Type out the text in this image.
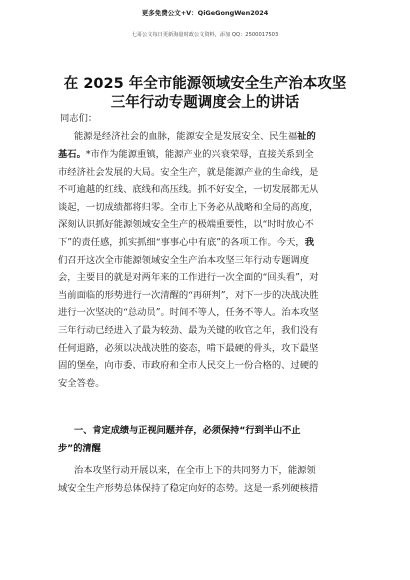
更多免费公文+V：QiGeGongWen2024
七哥公文每日更新海量时政公文资料，添加 QQ：2500017503
在 2025 年全市能源领域安全生产治本攻坚
三年行动专题调度会上的讲话
同志们：
能源是经济社会的血脉，能源安全是发展安全、民生福祉的
基石。*市作为能源重镇，能源产业的兴衰荣辱，直接关系到全
市经济社会发展的大局。安全生产，就是能源产业的生命线，是
不可逾越的红线、底线和高压线。抓不好安全，一切发展都无从
谈起，一切成绩都将归零。全市上下务必从战略和全局的高度，
深刻认识抓好能源领域安全生产的极端重要性，以“时时放心不
下”的责任感，抓实抓细“事事心中有底”的各项工作。今天，我
们召开这次全市能源领域安全生产治本攻坚三年行动专题调度
会，主要目的就是对两年来的工作进行一次全面的“回头看”，对
当前面临的形势进行一次清醒的“再研判”，对下一步的决战决胜
进行一次坚决的“总动员”。时间不等人，任务不等人。治本攻坚
三年行动已经进入了最为较劲、最为关键的收官之年，我们没有
任何退路，必须以决战决胜的姿态，啃下最硬的骨头，攻下最坚
固的堡垒，向市委、市政府和全市人民交上一份合格的、过硬的
安全答卷。
一、肯定成绩与正视问题并存，必须保持“行到半山不止
步”的清醒
治本攻坚行动开展以来，在全市上下的共同努力下，能源领
域安全生产形势总体保持了稳定向好的态势。这是一系列硬核措
